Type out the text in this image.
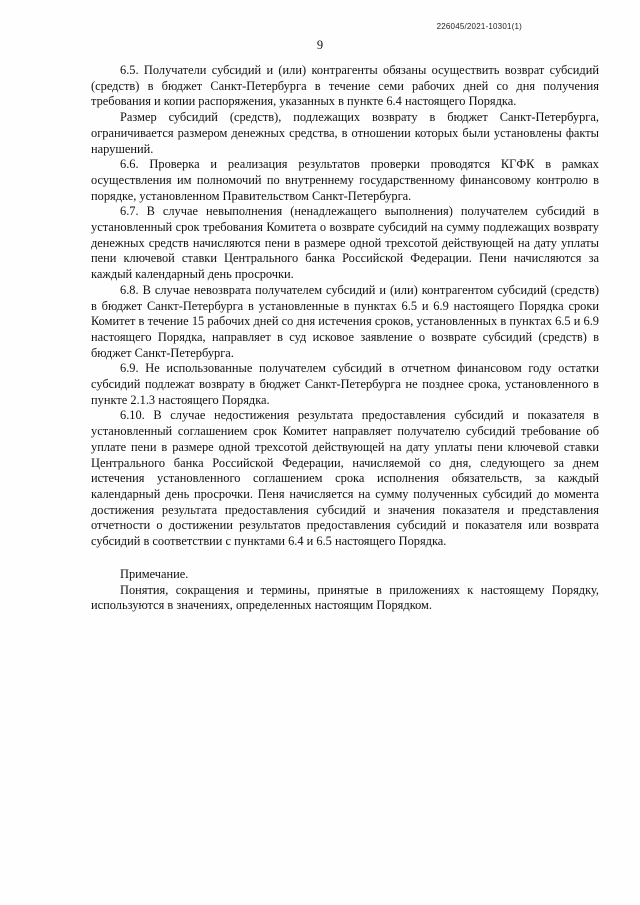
226045/2021-10301(1)
9

6.5. Получатели субсидий и (или) контрагенты обязаны осуществить возврат субсидий (средств) в бюджет Санкт-Петербурга в течение семи рабочих дней со дня получения требования и копии распоряжения, указанных в пункте 6.4 настоящего Порядка.

Размер субсидий (средств), подлежащих возврату в бюджет Санкт-Петербурга, ограничивается размером денежных средства, в отношении которых были установлены факты нарушений.

6.6. Проверка и реализация результатов проверки проводятся КГФК в рамках осуществления им полномочий по внутреннему государственному финансовому контролю в порядке, установленном Правительством Санкт-Петербурга.

6.7. В случае невыполнения (ненадлежащего выполнения) получателем субсидий в установленный срок требования Комитета о возврате субсидий на сумму подлежащих возврату денежных средств начисляются пени в размере одной трехсотой действующей на дату уплаты пени ключевой ставки Центрального банка Российской Федерации. Пени начисляются за каждый календарный день просрочки.

6.8. В случае невозврата получателем субсидий и (или) контрагентом субсидий (средств) в бюджет Санкт-Петербурга в установленные в пунктах 6.5 и 6.9 настоящего Порядка сроки Комитет в течение 15 рабочих дней со дня истечения сроков, установленных в пунктах 6.5 и 6.9 настоящего Порядка, направляет в суд исковое заявление о возврате субсидий (средств) в бюджет Санкт-Петербурга.

6.9. Не использованные получателем субсидий в отчетном финансовом году остатки субсидий подлежат возврату в бюджет Санкт-Петербурга не позднее срока, установленного в пункте 2.1.3 настоящего Порядка.

6.10. В случае недостижения результата предоставления субсидий и показателя в установленный соглашением срок Комитет направляет получателю субсидий требование об уплате пени в размере одной трехсотой действующей на дату уплаты пени ключевой ставки Центрального банка Российской Федерации, начисляемой со дня, следующего за днем истечения установленного соглашением срока исполнения обязательств, за каждый календарный день просрочки. Пеня начисляется на сумму полученных субсидий до момента достижения результата предоставления субсидий и значения показателя и представления отчетности о достижении результатов предоставления субсидий и показателя или возврата субсидий в соответствии с пунктами 6.4 и 6.5 настоящего Порядка.

Примечание.

Понятия, сокращения и термины, принятые в приложениях к настоящему Порядку, используются в значениях, определенных настоящим Порядком.
